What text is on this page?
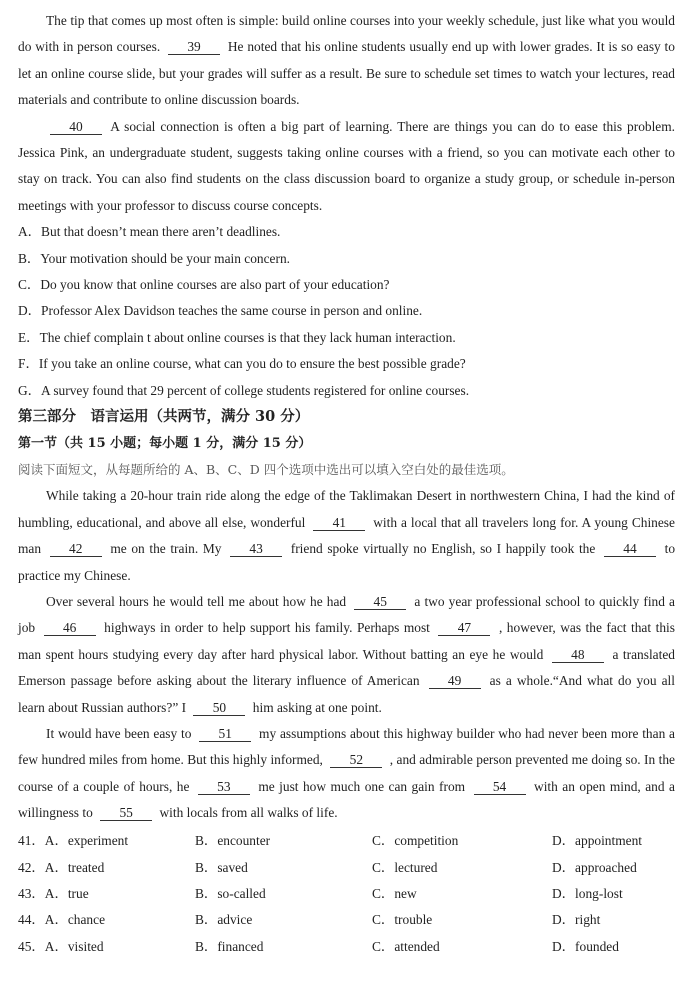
The tip that comes up most often is simple: build online courses into your weekly schedule, just like what you would do with in person courses. 39 He noted that his online students usually end up with lower grades. It is so easy to let an online course slide, but your grades will suffer as a result. Be sure to schedule set times to watch your lectures, read materials and contribute to online discussion boards.

40 A social connection is often a big part of learning. There are things you can do to ease this problem. Jessica Pink, an undergraduate student, suggests taking online courses with a friend, so you can motivate each other to stay on track. You can also find students on the class discussion board to organize a study group, or schedule in-person meetings with your professor to discuss course concepts.

A．But that doesn’t mean there aren’t deadlines.
B．Your motivation should be your main concern.
C．Do you know that online courses are also part of your education?
D．Professor Alex Davidson teaches the same course in person and online.
E．The chief complain t about online courses is that they lack human interaction.
F．If you take an online course, what can you do to ensure the best possible grade?
G．A survey found that 29 percent of college students registered for online courses.
第三部分　语言运用（共两节，满分 30 分）
第一节（共 15 小题；每小题 1 分，满分 15 分）
阅读下面短文，从每题所给的 A、B、C、D 四个选项中选出可以填入空白处的最佳选项。

While taking a 20-hour train ride along the edge of the Taklimakan Desert in northwestern China, I had the kind of humbling, educational, and above all else, wonderful 41 with a local that all travelers long for. A young Chinese man 42 me on the train. My 43 friend spoke virtually no English, so I happily took the 44 to practice my Chinese.

Over several hours he would tell me about how he had 45 a two year professional school to quickly find a job 46 highways in order to help support his family. Perhaps most 47 , however, was the fact that this man spent hours studying every day after hard physical labor. Without batting an eye he would 48 a translated Emerson passage before asking about the literary influence of American 49 as a whole.“And what do you all learn about Russian authors?” I 50 him asking at one point.

It would have been easy to 51 my assumptions about this highway builder who had never been more than a few hundred miles from home. But this highly informed, 52 , and admirable person prevented me doing so. In the course of a couple of hours, he 53 me just how much one can gain from 54 with an open mind, and a willingness to 55 with locals from all walks of life.

41．A．experiment	B．encounter	C．competition	D．appointment
42．A．treated	B．saved	C．lectured	D．approached
43．A．true	B．so-called	C．new	D．long-lost
44．A．chance	B．advice	C．trouble	D．right
45．A．visited	B．financed	C．attended	D．founded
